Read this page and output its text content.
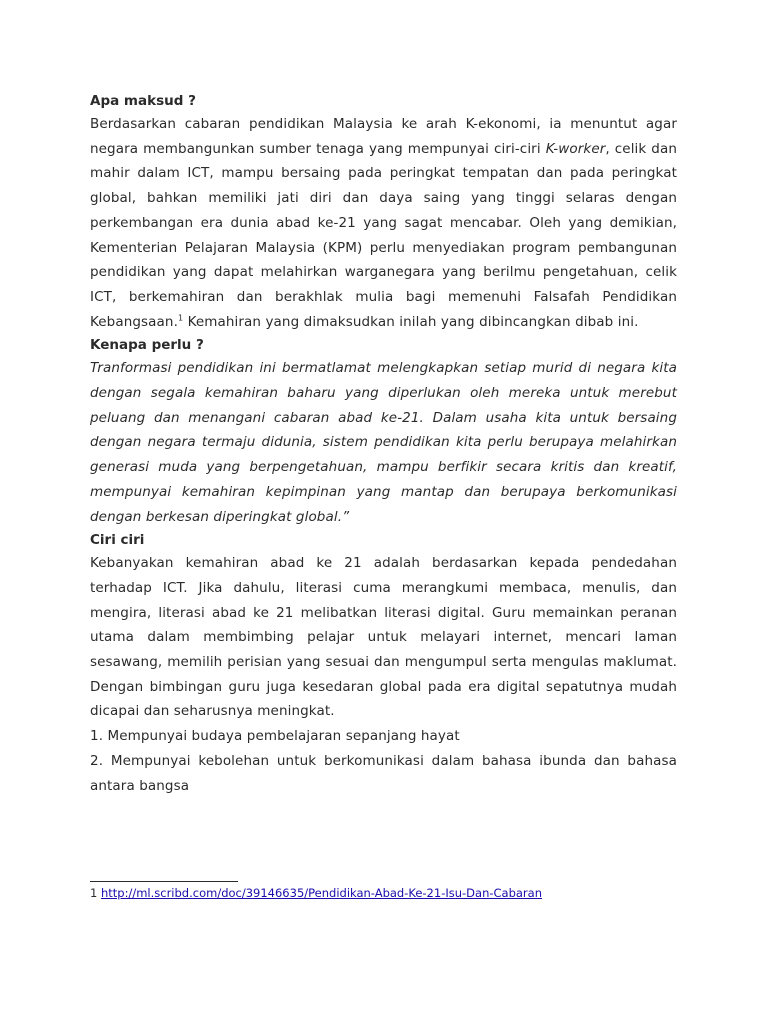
Apa maksud ?

Berdasarkan cabaran pendidikan Malaysia ke arah K-ekonomi, ia menuntut agar negara membangunkan sumber tenaga yang mempunyai ciri-ciri K-worker, celik dan mahir dalam ICT, mampu bersaing pada peringkat tempatan dan pada peringkat global, bahkan memiliki jati diri dan daya saing yang tinggi selaras dengan perkembangan era dunia abad ke-21 yang sagat mencabar. Oleh yang demikian, Kementerian Pelajaran Malaysia (KPM) perlu menyediakan program pembangunan pendidikan yang dapat melahirkan warganegara yang berilmu pengetahuan, celik ICT, berkemahiran dan berakhlak mulia bagi memenuhi Falsafah Pendidikan Kebangsaan.$^1$ Kemahiran yang dimaksudkan inilah yang dibincangkan dibab ini.

Kenapa perlu ?

Tranformasi pendidikan ini bermatlamat melengkapkan setiap murid di negara kita dengan segala kemahiran baharu yang diperlukan oleh mereka untuk merebut peluang dan menangani cabaran abad ke-21. Dalam usaha kita untuk bersaing dengan negara termaju didunia, sistem pendidikan kita perlu berupaya melahirkan generasi muda yang berpengetahuan, mampu berfikir secara kritis dan kreatif, mempunyai kemahiran kepimpinan yang mantap dan berupaya berkomunikasi dengan berkesan diperingkat global.”

Ciri ciri

Kebanyakan kemahiran abad ke 21 adalah berdasarkan kepada pendedahan terhadap ICT. Jika dahulu, literasi cuma merangkumi membaca, menulis, dan mengira, literasi abad ke 21 melibatkan literasi digital. Guru memainkan peranan utama dalam membimbing pelajar untuk melayari internet, mencari laman sesawang, memilih perisian yang sesuai dan mengumpul serta mengulas maklumat. Dengan bimbingan guru juga kesedaran global pada era digital sepatutnya mudah dicapai dan seharusnya meningkat.

1. Mempunyai budaya pembelajaran sepanjang hayat

2. Mempunyai kebolehan untuk berkomunikasi dalam bahasa ibunda dan bahasa antara bangsa

1 http://ml.scribd.com/doc/39146635/Pendidikan-Abad-Ke-21-Isu-Dan-Cabaran
